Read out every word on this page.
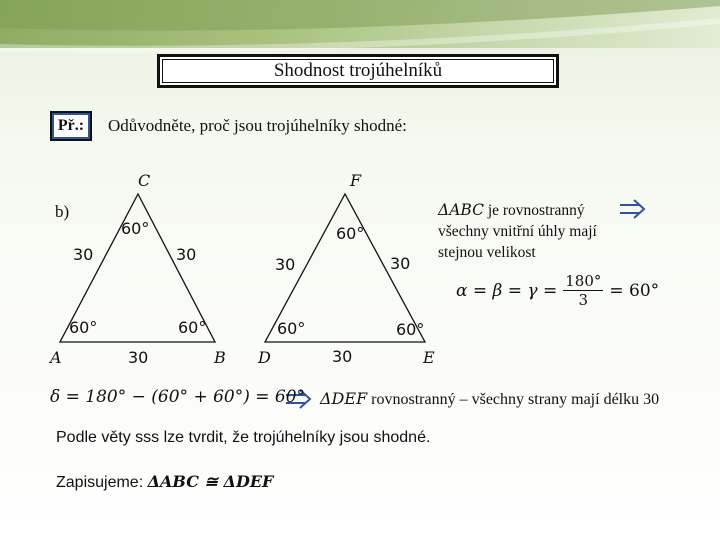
Shodnost trojúhelníků
Př.: Odůvodněte, proč jsou trojúhelníky shodné:
b)
C
A	B
30	30
30
60°
60°	60°
F
D	E
30	30
30
60°
60°	60°
ΔABC je rovnostranný
všechny vnitřní úhly mají
stejnou velikost
$\alpha = \beta = \gamma = \frac{180^\circ}{3} = 60^\circ$
δ = 180° − (60° + 60°) = 60° ΔDEF rovnostranný – všechny strany mají délku 30
Podle věty sss lze tvrdit, že trojúhelníky jsou shodné.
Zapisujeme: ΔABC ≅ ΔDEF
